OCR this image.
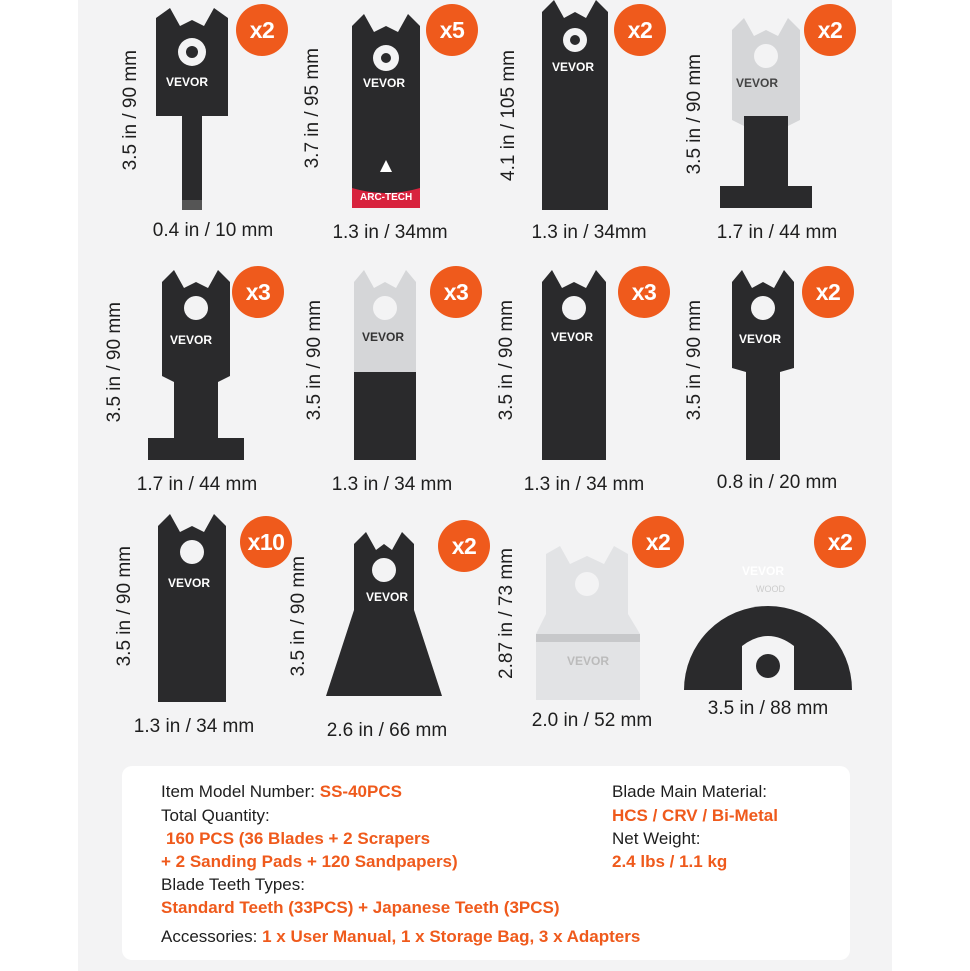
x2
3.5 in / 90 mm
0.4 in / 10 mm
VEVOR
ARC-TECH
VEVOR
x5
3.7 in / 95 mm
1.3 in / 34mm
VEVOR
x2
4.1 in / 105 mm
1.3 in / 34mm
VEVOR
x2
3.5 in / 90 mm
1.7 in / 44 mm
VEVOR
x3
3.5 in / 90 mm
1.7 in / 44 mm
VEVOR
x3
3.5 in / 90 mm
1.3 in / 34 mm
VEVOR
x3
3.5 in / 90 mm
1.3 in / 34 mm
VEVOR
x2
3.5 in / 90 mm
0.8 in / 20 mm
VEVOR
x10
3.5 in / 90 mm
1.3 in / 34 mm
VEVOR
x2
3.5 in / 90 mm
2.6 in / 66 mm
VEVOR
x2
2.87 in / 73 mm
2.0 in / 52 mm
VEVOR
WOOD
x2
3.5 in / 88 mm
Item Model Number: SS-40PCS
Total Quantity:
160 PCS (36 Blades + 2 Scrapers
+ 2 Sanding Pads + 120 Sandpapers)
Blade Teeth Types:
Standard Teeth (33PCS) + Japanese Teeth (3PCS)
Accessories: 1 x User Manual, 1 x Storage Bag, 3 x Adapters
Blade Main Material:
HCS / CRV / Bi-Metal
Net Weight:
2.4 lbs / 1.1 kg
